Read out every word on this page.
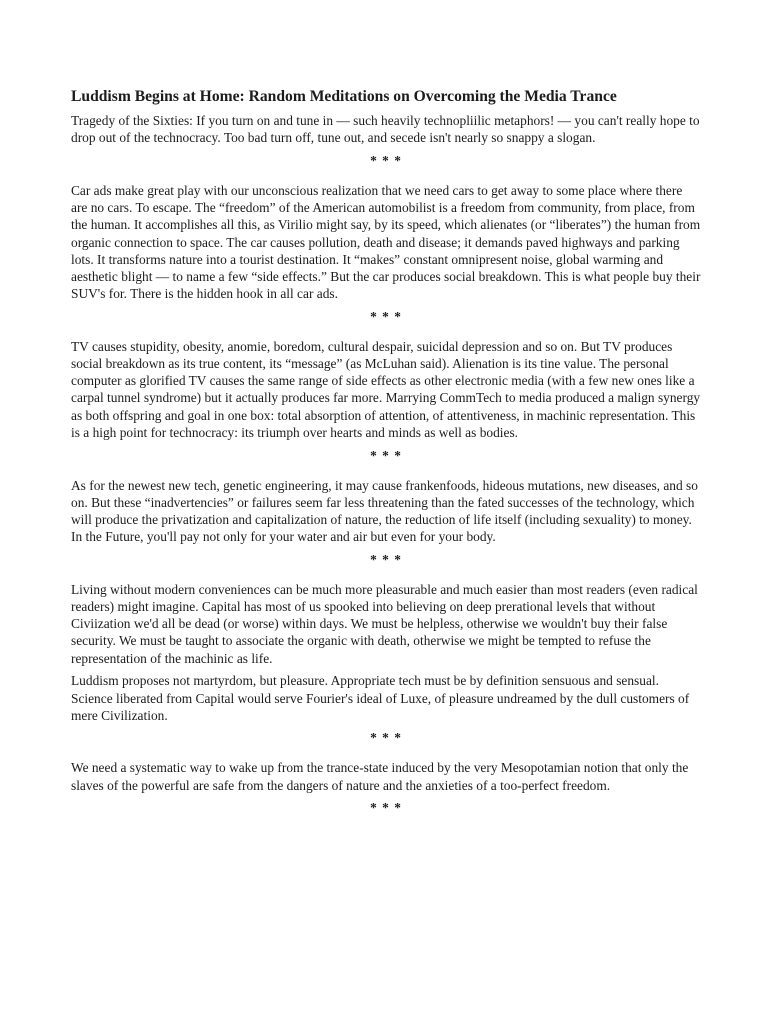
Luddism Begins at Home: Random Meditations on Overcoming the Media Trance

Tragedy of the Sixties: If you turn on and tune in — such heavily technopliilic metaphors! — you can't really hope to drop out of the technocracy. Too bad turn off, tune out, and secede isn't nearly so snappy a slogan.

* * *

Car ads make great play with our unconscious realization that we need cars to get away to some place where there are no cars. To escape. The “freedom” of the American automobilist is a freedom from community, from place, from the human. It accomplishes all this, as Virilio might say, by its speed, which alienates (or “liberates”) the human from organic connection to space. The car causes pollution, death and disease; it demands paved highways and parking lots. It transforms nature into a tourist destination. It “makes” constant omnipresent noise, global warming and aesthetic blight — to name a few “side effects.” But the car produces social breakdown. This is what people buy their SUV's for. There is the hidden hook in all car ads.

* * *

TV causes stupidity, obesity, anomie, boredom, cultural despair, suicidal depression and so on. But TV produces social breakdown as its true content, its “message” (as McLuhan said). Alienation is its tine value. The personal computer as glorified TV causes the same range of side effects as other electronic media (with a few new ones like a carpal tunnel syndrome) but it actually produces far more. Marrying CommTech to media produced a malign synergy as both offspring and goal in one box: total absorption of attention, of attentiveness, in machinic representation. This is a high point for technocracy: its triumph over hearts and minds as well as bodies.

* * *

As for the newest new tech, genetic engineering, it may cause frankenfoods, hideous mutations, new diseases, and so on. But these “inadvertencies” or failures seem far less threatening than the fated successes of the technology, which will produce the privatization and capitalization of nature, the reduction of life itself (including sexuality) to money. In the Future, you'll pay not only for your water and air but even for your body.

* * *

Living without modern conveniences can be much more pleasurable and much easier than most readers (even radical readers) might imagine. Capital has most of us spooked into believing on deep prerational levels that without Civiization we'd all be dead (or worse) within days. We must be helpless, otherwise we wouldn't buy their false security. We must be taught to associate the organic with death, otherwise we might be tempted to refuse the representation of the machinic as life.

Luddism proposes not martyrdom, but pleasure. Appropriate tech must be by definition sensuous and sensual. Science liberated from Capital would serve Fourier's ideal of Luxe, of pleasure undreamed by the dull customers of mere Civilization.

* * *

We need a systematic way to wake up from the trance-state induced by the very Mesopotamian notion that only the slaves of the powerful are safe from the dangers of nature and the anxieties of a too-perfect freedom.

* * *
